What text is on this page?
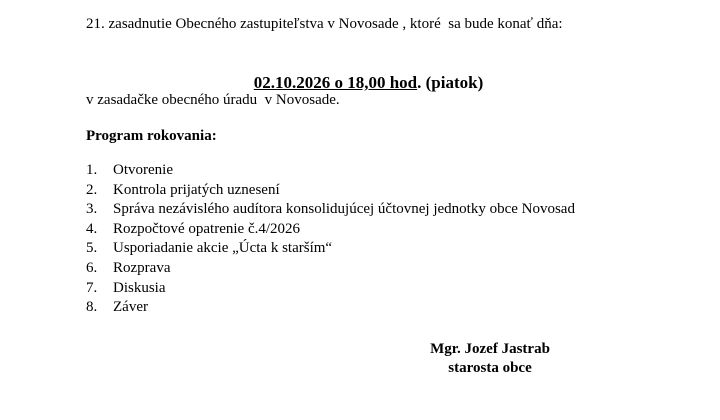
21. zasadnutie Obecného zastupiteľstva v Novosade , ktoré  sa bude konať dňa:

02.10.2026 o 18,00 hod. (piatok)

v zasadačke obecného úradu  v Novosade.
Program rokovania:
1.	Otvorenie
2.	Kontrola prijatých uznesení
3.	Správa nezávislého audítora konsolidujúcej účtovnej jednotky obce Novosad
4.	Rozpočtové opatrenie č.4/2026
5.	Usporiadanie akcie „Úcta k starším“
6.	Rozprava
7.	Diskusia
8.	Záver
Mgr. Jozef Jastrab
starosta obce
